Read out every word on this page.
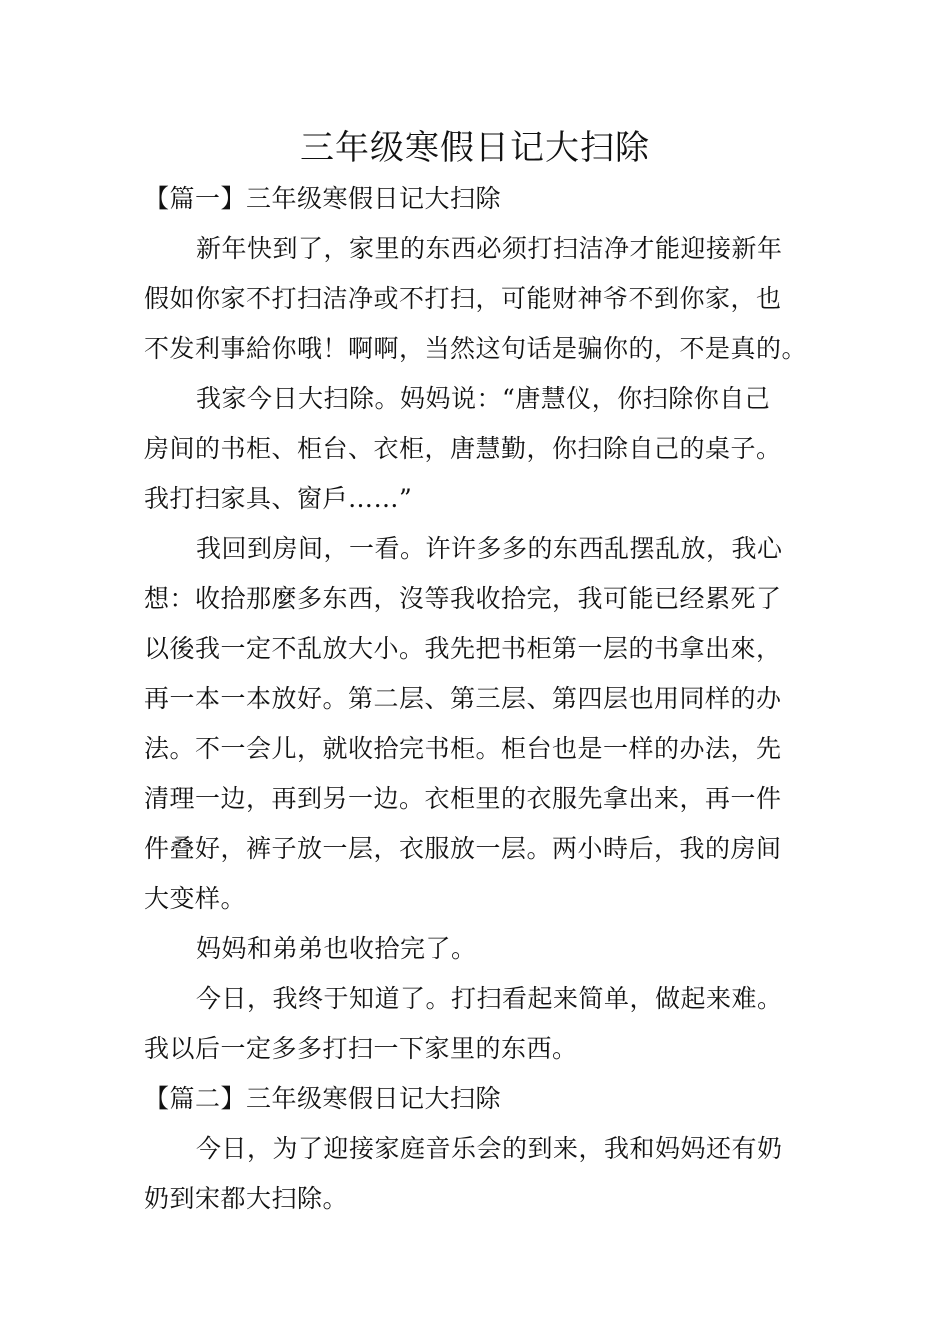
三年级寒假日记大扫除
【篇一】三年级寒假日记大扫除
新年快到了，家里的东西必须打扫洁净才能迎接新年
假如你家不打扫洁净或不打扫，可能财神爷不到你家，也
不发利事給你哦！啊啊，当然这句话是骗你的，不是真的。
我家今日大扫除。妈妈说：“唐慧仪，你扫除你自己
房间的书柜、柜台、衣柜，唐慧勤，你扫除自己的桌子。
我打扫家具、窗戶……”
我回到房间，一看。许许多多的东西乱摆乱放，我心
想：收拾那麼多东西，沒等我收拾完，我可能已经累死了
以後我一定不乱放大小。我先把书柜第一层的书拿出來，
再一本一本放好。第二层、第三层、第四层也用同样的办
法。不一会儿，就收拾完书柜。柜台也是一样的办法，先
清理一边，再到另一边。衣柜里的衣服先拿出来，再一件
件叠好，裤子放一层，衣服放一层。两小時后，我的房间
大变样。
妈妈和弟弟也收拾完了。
今日，我终于知道了。打扫看起来简单，做起来难。
我以后一定多多打扫一下家里的东西。
【篇二】三年级寒假日记大扫除
今日，为了迎接家庭音乐会的到来，我和妈妈还有奶
奶到宋都大扫除。
